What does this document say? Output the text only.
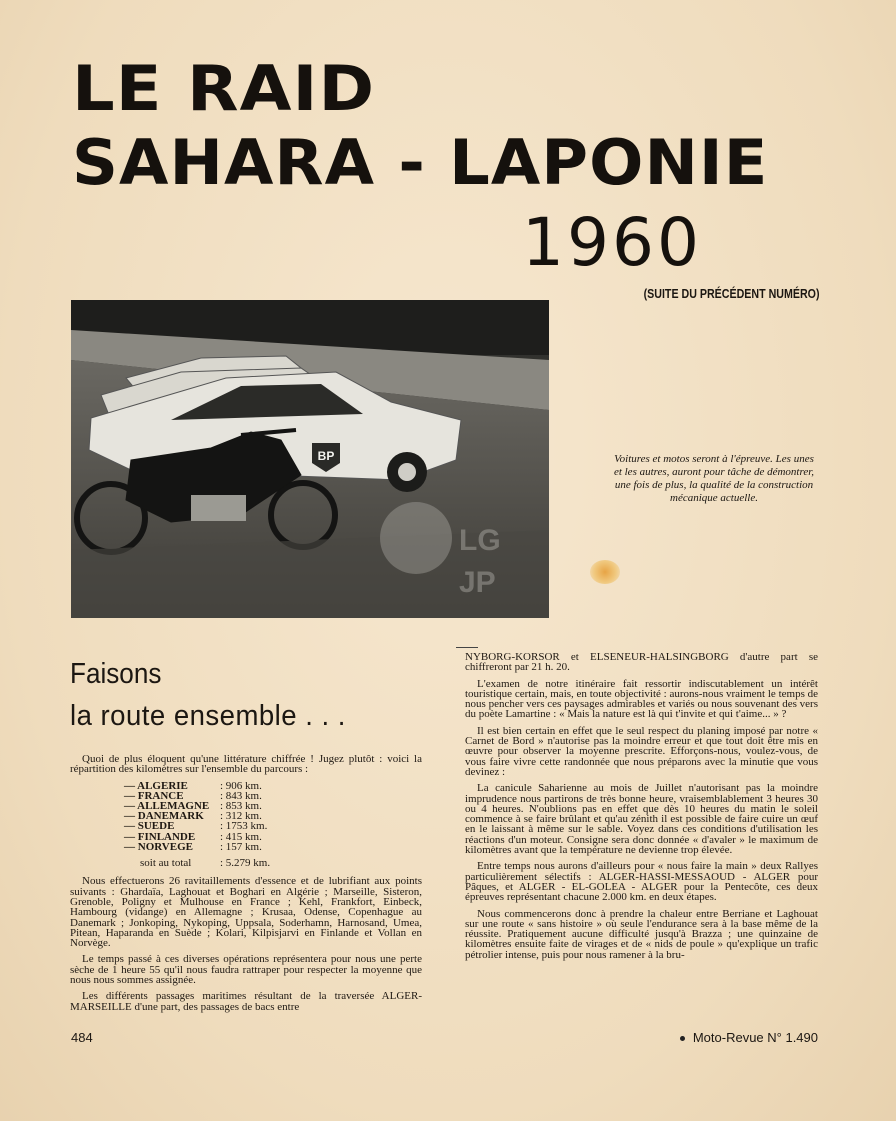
LE RAID
SAHARA - LAPONIE
1960
(SUITE DU PRÉCÉDENT NUMÉRO)
BP
LG
JP
Voitures et motos seront à l'épreuve. Les unes et les autres, auront pour tâche de démontrer, une fois de plus, la qualité de la construction mécanique actuelle.
Faisons
la route ensemble . . .

Quoi de plus éloquent qu'une littérature chiffrée ! Jugez plutôt : voici la répartition des kilomètres sur l'ensemble du parcours :

— ALGERIE	: 906 km.
— FRANCE	: 843 km.
— ALLEMAGNE : 853 km.
— DANEMARK	: 312 km.
— SUEDE	: 1753 km.
— FINLANDE	: 415 km.
— NORVEGE	: 157 km.
soit au total	: 5.279 km.

Nous effectuerons 26 ravitaillements d'essence et de lubrifiant aux points suivants : Ghardaïa, Laghouat et Boghari en Algérie ; Marseille, Sisteron, Grenoble, Poligny et Mulhouse en France ; Kehl, Frankfort, Einbeck, Hambourg (vidange) en Allemagne ; Krusaa, Odense, Copenhague au Danemark ; Jonkoping, Nykoping, Uppsala, Soderhamn, Harnosand, Umea, Pitean, Haparanda en Suède ; Kolari, Kilpisjarvi en Finlande et Vollan en Norvège.

Le temps passé à ces diverses opérations représentera pour nous une perte sèche de 1 heure 55 qu'il nous faudra rattraper pour respecter la moyenne que nous nous sommes assignée.

Les différents passages maritimes résultant de la traversée ALGER-MARSEILLE d'une part, des passages de bacs entre

NYBORG-KORSOR et ELSENEUR-HALSINGBORG d'autre part se chiffreront par 21 h. 20.

L'examen de notre itinéraire fait ressortir indiscutablement un intérêt touristique certain, mais, en toute objectivité : aurons-nous vraiment le temps de nous pencher vers ces paysages admirables et variés ou nous souvenant des vers du poète Lamartine : « Mais la nature est là qui t'invite et qui t'aime... » ?

Il est bien certain en effet que le seul respect du planing imposé par notre « Carnet de Bord » n'autorise pas la moindre erreur et que tout doit être mis en œuvre pour observer la moyenne prescrite. Efforçons-nous, voulez-vous, de vous faire vivre cette randonnée que nous préparons avec la minutie que vous devinez :

La canicule Saharienne au mois de Juillet n'autorisant pas la moindre imprudence nous partirons de très bonne heure, vraisemblablement 3 heures 30 ou 4 heures. N'oublions pas en effet que dès 10 heures du matin le soleil commence à se faire brûlant et qu'au zénith il est possible de faire cuire un œuf en le laissant à même sur le sable. Voyez dans ces conditions d'utilisation les réactions d'un moteur. Consigne sera donc donnée « d'avaler » le maximum de kilomètres avant que la température ne devienne trop élevée.

Entre temps nous aurons d'ailleurs pour « nous faire la main » deux Rallyes particulièrement sélectifs : ALGER-HASSI-MESSAOUD - ALGER pour Pâques, et ALGER - EL-GOLEA - ALGER pour la Pentecôte, ces deux épreuves représentant chacune 2.000 km. en deux étapes.

Nous commencerons donc à prendre la chaleur entre Berriane et Laghouat sur une route « sans histoire » où seule l'endurance sera à la base même de la réussite. Pratiquement aucune difficulté jusqu'à Brazza ; une quinzaine de kilomètres ensuite faite de virages et de « nids de poule » qu'explique un trafic pétrolier intense, puis pour nous ramener à la bru-

484	Moto-Revue N° 1.490
